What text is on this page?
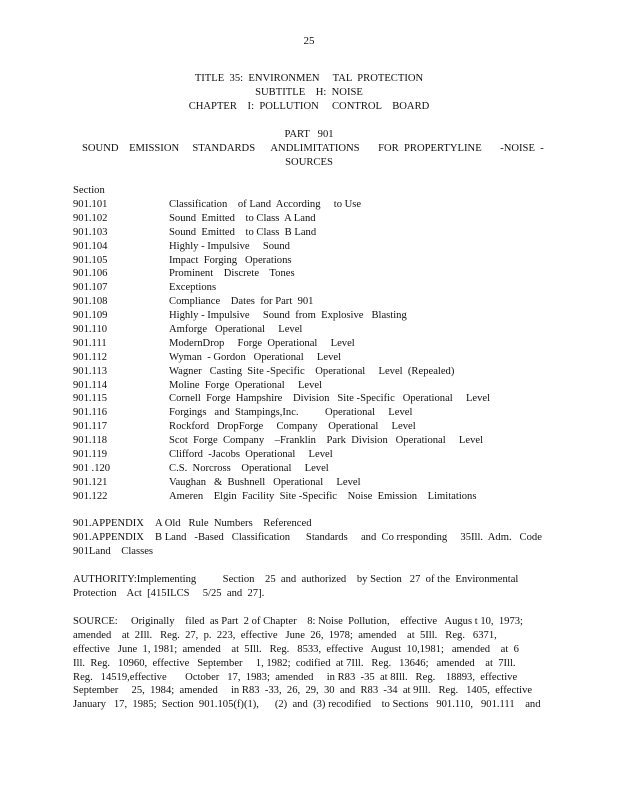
25
TITLE  35:  ENVIRONMEN     TAL  PROTECTION
SUBTITLE    H:  NOISE
CHAPTER    I:  POLLUTION     CONTROL    BOARD
PART   901
SOUND    EMISSION     STANDARDS      ANDLIMITATIONS       FOR  PROPERTYLINE       -NOISE  -
SOURCES
Section
901.101	Classification    of Land  According     to Use
901.102	Sound  Emitted    to Class  A Land
901.103	Sound  Emitted    to Class  B Land
901.104	Highly - Impulsive     Sound
901.105	Impact  Forging   Operations
901.106	Prominent    Discrete    Tones
901.107	Exceptions
901.108	Compliance    Dates  for Part  901
901.109	Highly - Impulsive     Sound  from  Explosive   Blasting
901.110	Amforge   Operational     Level
901.111	ModernDrop     Forge  Operational     Level
901.112	Wyman  - Gordon   Operational     Level
901.113	Wagner   Casting  Site -Specific    Operational     Level  (Repealed)
901.114	Moline  Forge  Operational     Level
901.115	Cornell  Forge  Hampshire    Division   Site -Specific   Operational     Level
901.116	Forgings   and  Stampings,Inc.          Operational     Level
901.117	Rockford   DropForge     Company    Operational     Level
901.118	Scot  Forge  Company    –Franklin    Park  Division   Operational     Level
901.119	Clifford  -Jacobs  Operational     Level
901 .120	C.S.  Norcross    Operational     Level
901.121	Vaughan   &  Bushnell   Operational     Level
901.122	Ameren    Elgin  Facility  Site -Specific    Noise  Emission    Limitations
901.APPENDIX	A Old   Rule  Numbers    Referenced
901.APPENDIX	B Land   -Based   Classification      Standards     and  Co rresponding     35Ill.  Adm.   Code
901Land    Classes
AUTHORITY:Implementing          Section    25  and  authorized    by Section   27  of the  Environmental
Protection    Act  [415ILCS     5/25  and  27].
SOURCE:     Originally    filed  as Part  2 of Chapter    8: Noise  Pollution,    effective   Augus t 10,  1973;
amended    at  2Ill.   Reg.  27,  p.  223,  effective   June  26,  1978;  amended    at  5Ill.   Reg.   6371,
effective   June  1, 1981;  amended    at  5Ill.   Reg.   8533,  effective   August  10,1981;   amended    at  6
Ill.  Reg.   10960,  effective   September     1, 1982;  codified  at 7Ill.   Reg.   13646;   amended    at  7Ill.
Reg.   14519,effective       October   17,  1983;  amended     in R83  -35  at 8Ill.   Reg.    18893,  effective
September     25,  1984;  amended     in R83  -33,  26,  29,  30  and  R83  -34  at 9Ill.   Reg.   1405,  effective
January   17,  1985;  Section  901.105(f)(1),      (2)  and  (3) recodified    to Sections   901.110,   901.111    and
